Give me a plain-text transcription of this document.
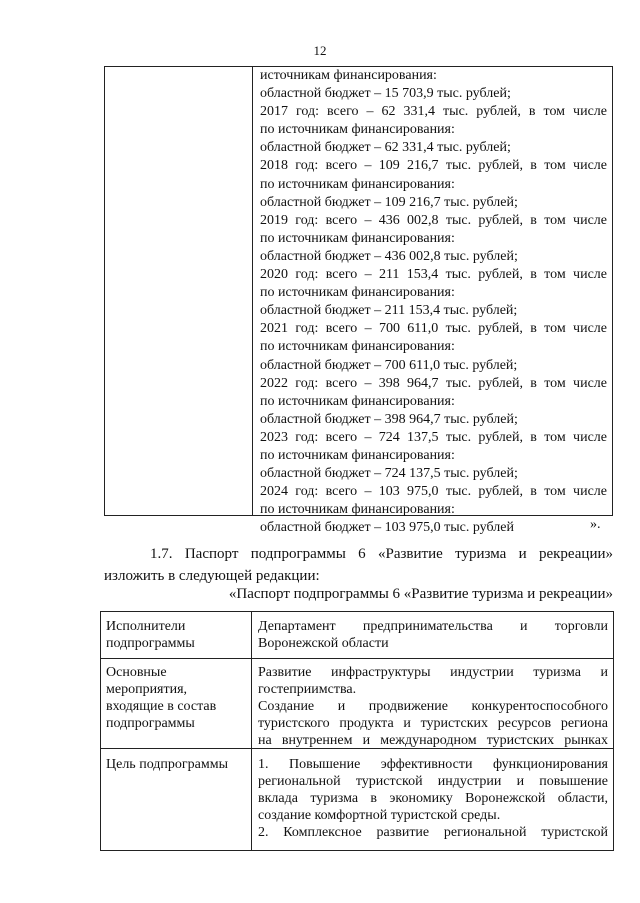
12
источникам финансирования:
областной бюджет – 15 703,9 тыс. рублей;
2017 год: всего – 62 331,4 тыс. рублей, в том числе
по источникам финансирования:
областной бюджет – 62 331,4 тыс. рублей;
2018 год: всего – 109 216,7 тыс. рублей, в том числе
по источникам финансирования:
областной бюджет – 109 216,7 тыс. рублей;
2019 год: всего – 436 002,8 тыс. рублей, в том числе
по источникам финансирования:
областной бюджет – 436 002,8 тыс. рублей;
2020 год: всего – 211 153,4 тыс. рублей, в том числе
по источникам финансирования:
областной бюджет – 211 153,4 тыс. рублей;
2021 год: всего – 700 611,0 тыс. рублей, в том числе
по источникам финансирования:
областной бюджет – 700 611,0 тыс. рублей;
2022 год: всего – 398 964,7 тыс. рублей, в том числе
по источникам финансирования:
областной бюджет – 398 964,7 тыс. рублей;
2023 год: всего – 724 137,5 тыс. рублей, в том числе
по источникам финансирования:
областной бюджет – 724 137,5 тыс. рублей;
2024 год: всего – 103 975,0 тыс. рублей, в том числе
по источникам финансирования:
областной бюджет – 103 975,0 тыс. рублей	».
1.7. Паспорт подпрограммы 6 «Развитие туризма и рекреации»
изложить в следующей редакции:
«Паспорт подпрограммы 6 «Развитие туризма и рекреации»
Исполнители
подпрограммы
Департамент предпринимательства и торговли
Воронежской области
Основные
мероприятия,
входящие в состав
подпрограммы
Развитие инфраструктуры индустрии туризма и
гостеприимства.
Создание и продвижение конкурентоспособного
туристского продукта и туристских ресурсов региона
на внутреннем и международном туристских рынках
Цель подпрограммы	1. Повышение эффективности функционирования
региональной туристской индустрии и повышение
вклада туризма в экономику Воронежской области,
создание комфортной туристской среды.
2. Комплексное развитие региональной туристской
